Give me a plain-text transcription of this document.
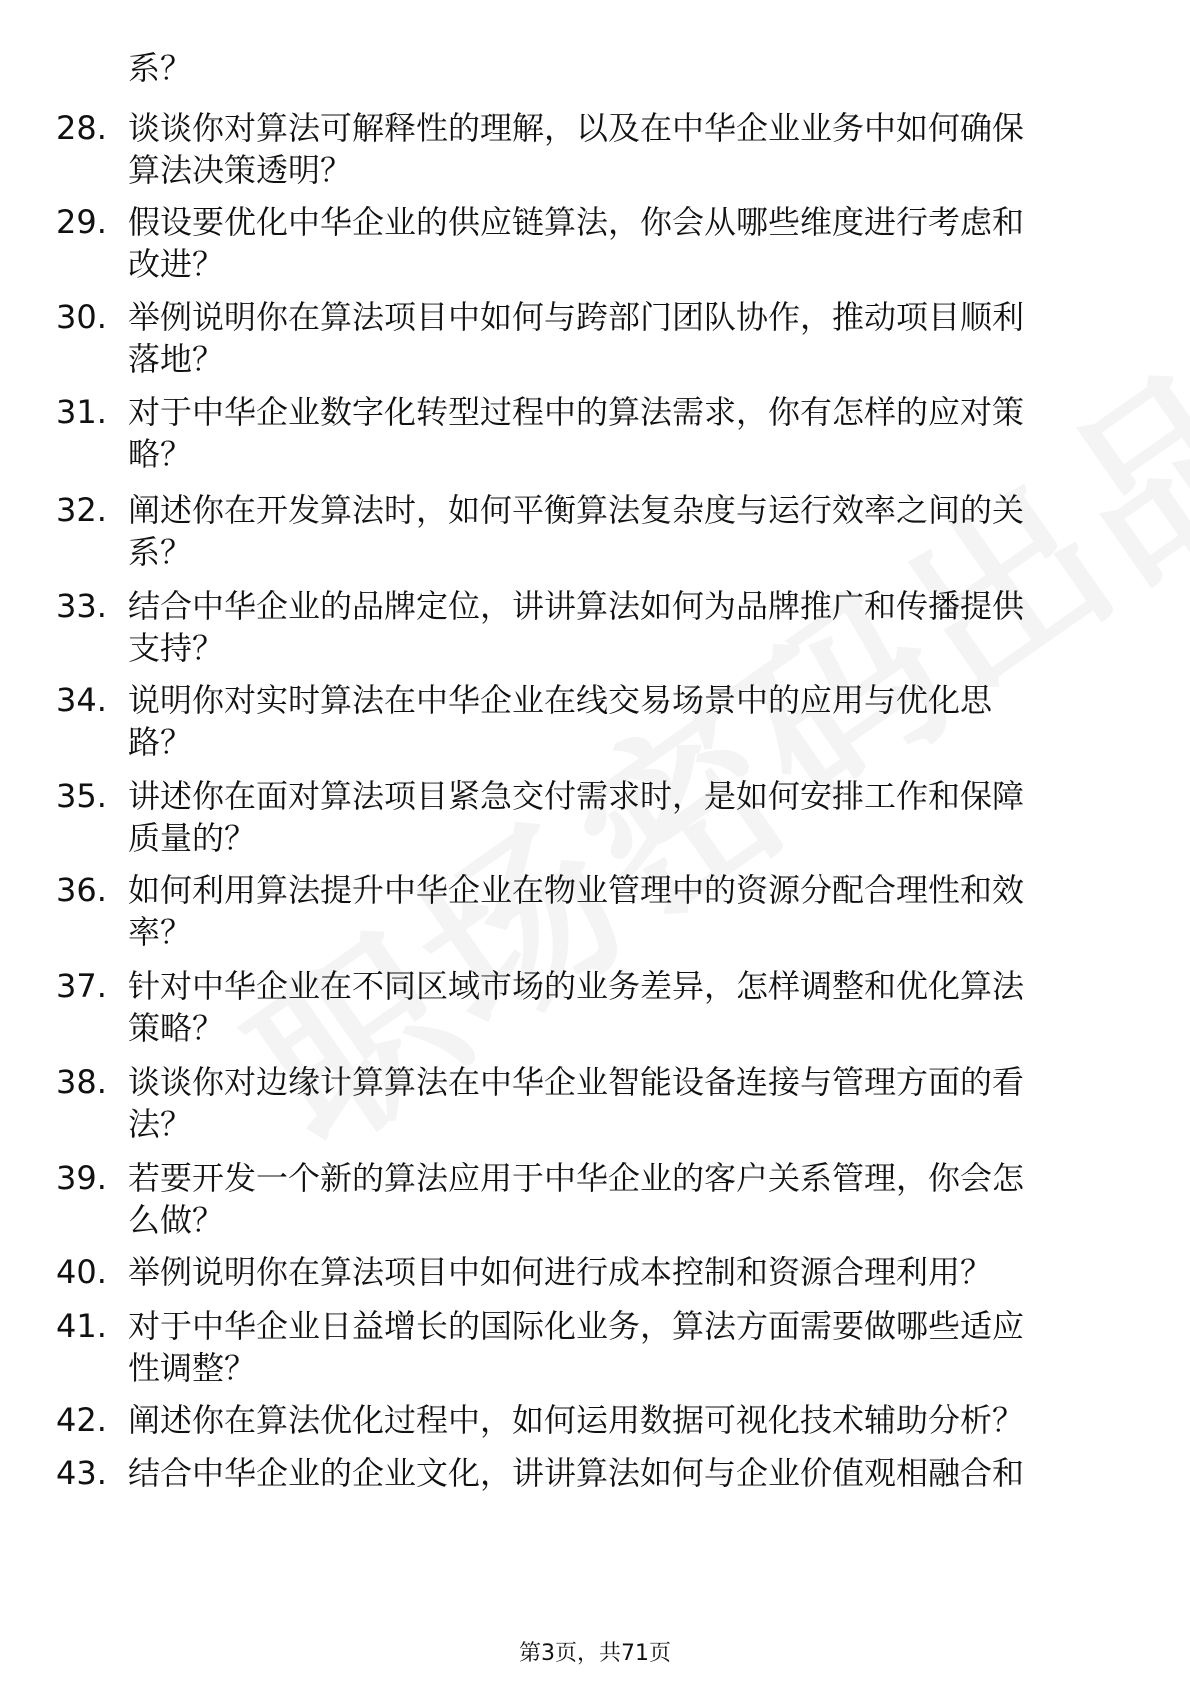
系？
28. 谈谈你对算法可解释性的理解，以及在中华企业业务中如何确保
算法决策透明？
29. 假设要优化中华企业的供应链算法，你会从哪些维度进行考虑和
改进？
30. 举例说明你在算法项目中如何与跨部门团队协作，推动项目顺利
落地？
31. 对于中华企业数字化转型过程中的算法需求，你有怎样的应对策
略？
32. 阐述你在开发算法时，如何平衡算法复杂度与运行效率之间的关
系？
33. 结合中华企业的品牌定位，讲讲算法如何为品牌推广和传播提供
支持？
34. 说明你对实时算法在中华企业在线交易场景中的应用与优化思
路？
35. 讲述你在面对算法项目紧急交付需求时，是如何安排工作和保障
质量的？
36. 如何利用算法提升中华企业在物业管理中的资源分配合理性和效
率？
37. 针对中华企业在不同区域市场的业务差异，怎样调整和优化算法
策略？
38. 谈谈你对边缘计算算法在中华企业智能设备连接与管理方面的看
法？
39. 若要开发一个新的算法应用于中华企业的客户关系管理，你会怎
么做？
40. 举例说明你在算法项目中如何进行成本控制和资源合理利用？
41. 对于中华企业日益增长的国际化业务，算法方面需要做哪些适应
性调整？
42. 阐述你在算法优化过程中，如何运用数据可视化技术辅助分析？
43. 结合中华企业的企业文化，讲讲算法如何与企业价值观相融合和
第3页，共71页
